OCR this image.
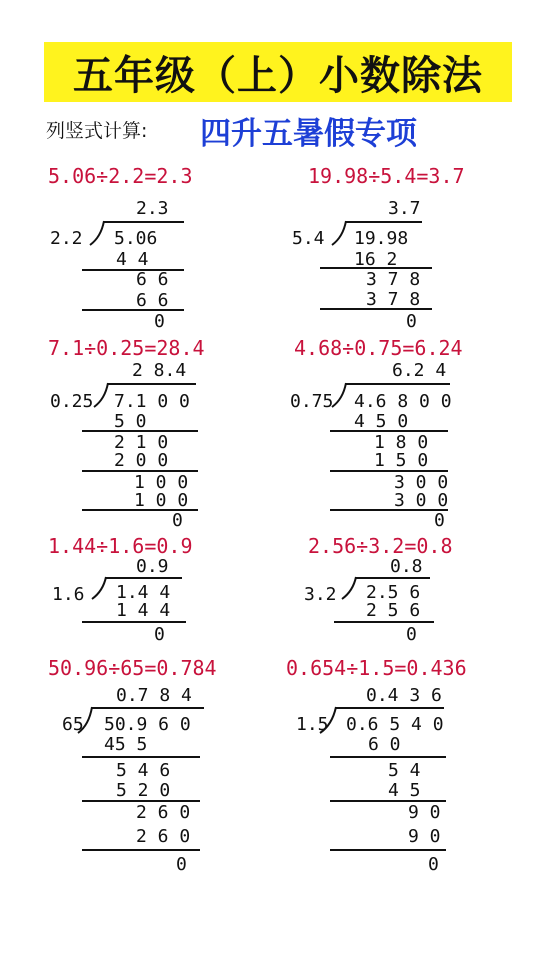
五年级（上）小数除法
列竖式计算: 四升五暑假专项
5.06÷2.2=2.3
2.3
2.2 5.06
4 4
6 6
6 6
0
19.98÷5.4=3.7
3.7
5.4 19.98
16 2
3 7 8
3 7 8
0
7.1÷0.25=28.4
2 8.4
0.25 7.1 0 0
5 0
2 1 0
2 0 0
1 0 0
1 0 0
0
4.68÷0.75=6.24
6.2 4
0.75 4.6 8 0 0
4 5 0
1 8 0
1 5 0
3 0 0
3 0 0
0
1.44÷1.6=0.9
0.9
1.6 1.4 4
1 4 4
0
2.56÷3.2=0.8
0.8
3.2 2.5 6
2 5 6
0
50.96÷65=0.784
0.7 8 4
65 50.9 6 0
45 5
5 4 6
5 2 0
2 6 0
2 6 0
0
0.654÷1.5=0.436
0.4 3 6
1.5 0.6 5 4 0
6 0
5 4
4 5
9 0
9 0
0
